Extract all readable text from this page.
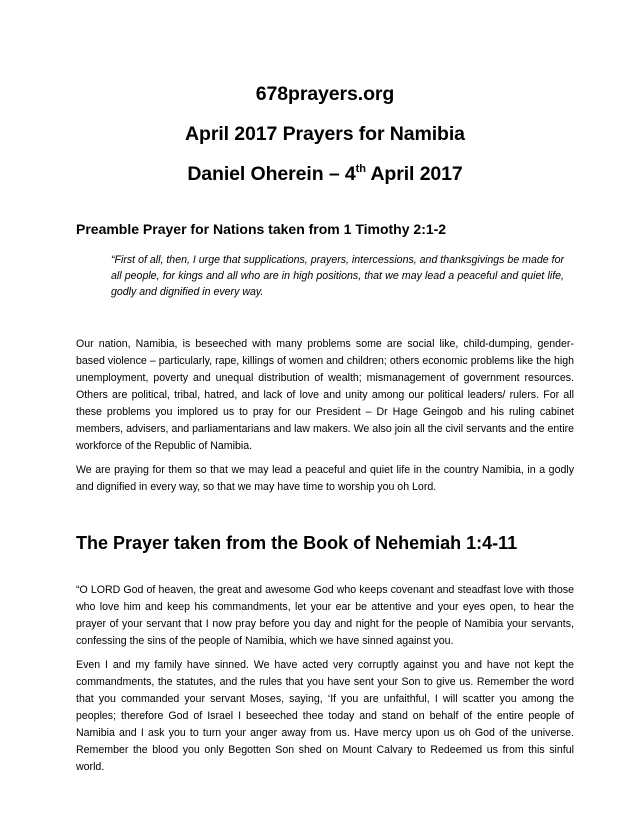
678prayers.org
April 2017 Prayers for Namibia
Daniel Oherein – 4th April 2017
Preamble Prayer for Nations taken from 1 Timothy 2:1-2

“First of all, then, I urge that supplications, prayers, intercessions, and thanksgivings be made for all people, for kings and all who are in high positions, that we may lead a peaceful and quiet life, godly and dignified in every way.

Our nation, Namibia, is beseeched with many problems some are social like, child-dumping, gender-based violence – particularly, rape, killings of women and children; others economic problems like the high unemployment, poverty and unequal distribution of wealth; mismanagement of government resources. Others are political, tribal, hatred, and lack of love and unity among our political leaders/ rulers. For all these problems you implored us to pray for our President – Dr Hage Geingob and his ruling cabinet members, advisers, and parliamentarians and law makers. We also join all the civil servants and the entire workforce of the Republic of Namibia.

We are praying for them so that we may lead a peaceful and quiet life in the country Namibia, in a godly and dignified in every way, so that we may have time to worship you oh Lord.

The Prayer taken from the Book of Nehemiah 1:4-11

“O LORD God of heaven, the great and awesome God who keeps covenant and steadfast love with those who love him and keep his commandments, let your ear be attentive and your eyes open, to hear the prayer of your servant that I now pray before you day and night for the people of Namibia your servants, confessing the sins of the people of Namibia, which we have sinned against you.

Even I and my family have sinned. We have acted very corruptly against you and have not kept the commandments, the statutes, and the rules that you have sent your Son to give us. Remember the word that you commanded your servant Moses, saying, ‘If you are unfaithful, I will scatter you among the peoples; therefore God of Israel I beseeched thee today and stand on behalf of the entire people of Namibia and I ask you to turn your anger away from us. Have mercy upon us oh God of the universe. Remember the blood you only Begotten Son shed on Mount Calvary to Redeemed us from this sinful world.
